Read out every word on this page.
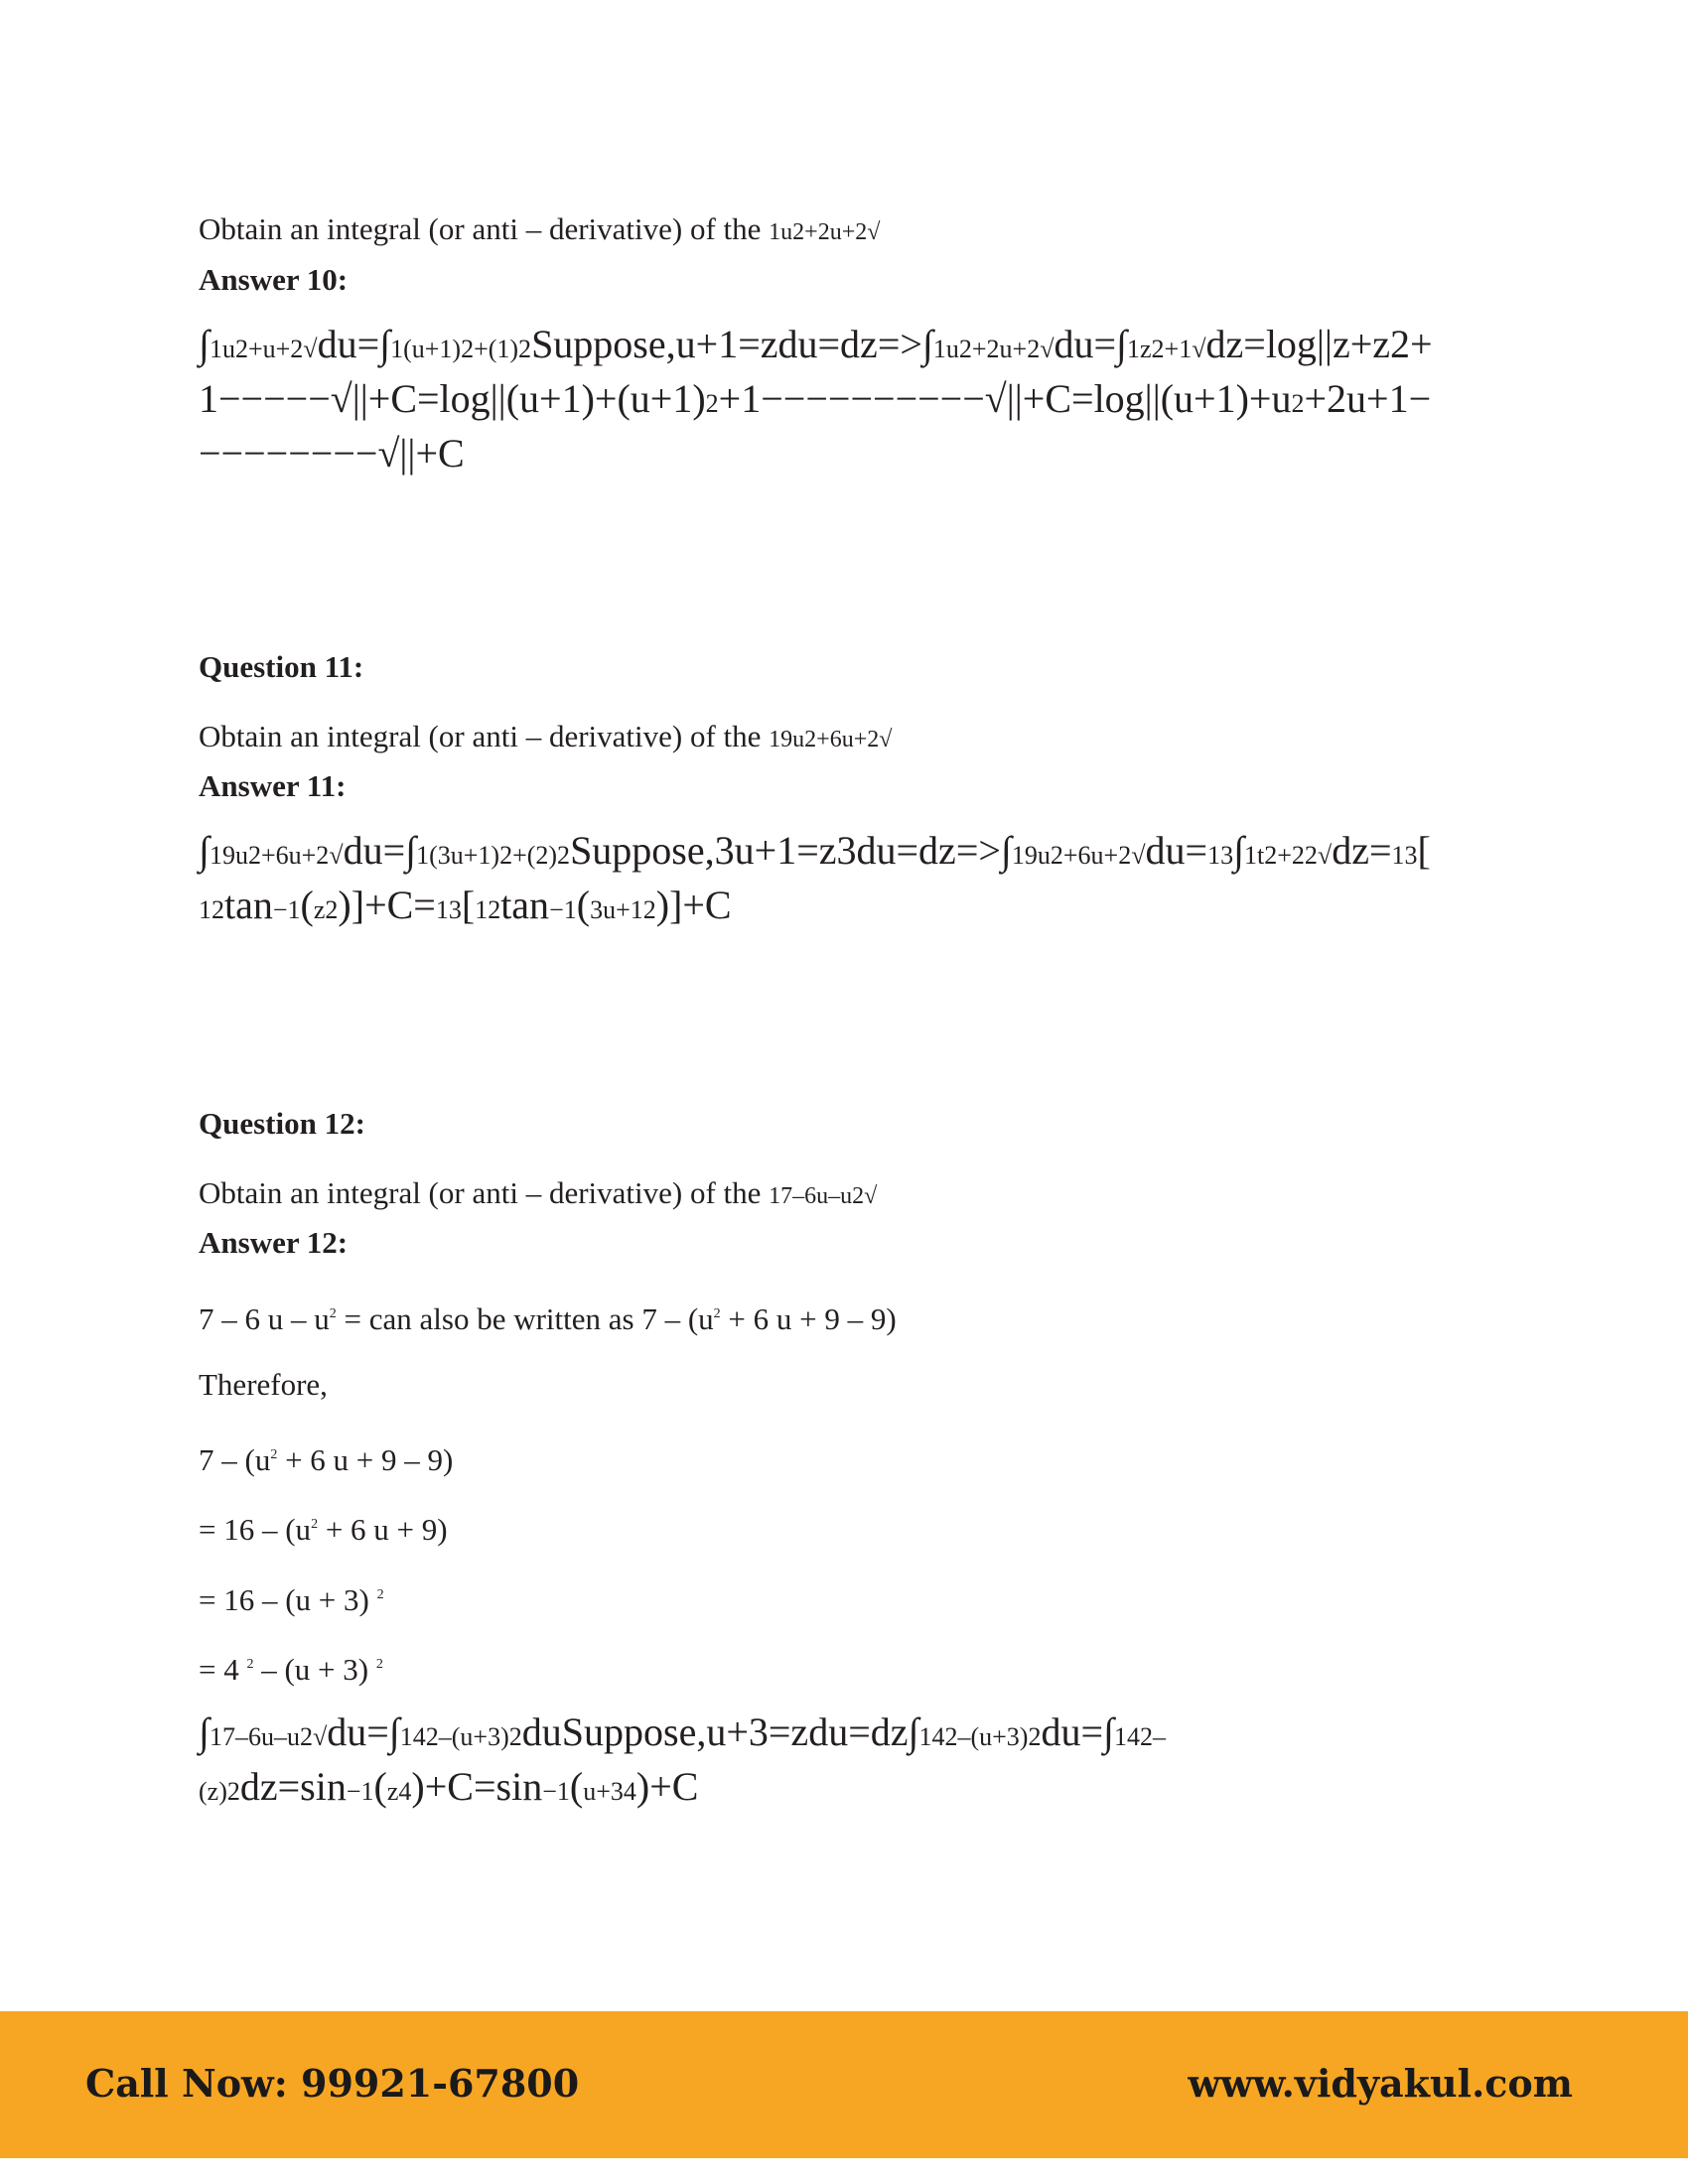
Obtain an integral (or anti – derivative) of the 1u2+2u+2√
Answer 10:

∫1u2+u+2√du=∫1(u+1)2+(1)2Suppose,u+1=zdu=dz=>∫1u2+2u+2√du=∫1z2+1√dz=log||z+z2+

1−−−−−√||+C=log||(u+1)+(u+1)2+1−−−−−−−−−−√||+C=log||(u+1)+u2+2u+1−

−−−−−−−−√||+C

Question 11:
Obtain an integral (or anti – derivative) of the 19u2+6u+2√
Answer 11:

∫19u2+6u+2√du=∫1(3u+1)2+(2)2Suppose,3u+1=z3du=dz=>∫19u2+6u+2√du=13∫1t2+22√dz=13[

12tan−1(z2)]+C=13[12tan−1(3u+12)]+C

Question 12:
Obtain an integral (or anti – derivative) of the 17–6u–u2√
Answer 12:
7 – 6 u – $u^2$ = can also be written as $7 - (u^2 + 6$ u + 9 – 9)
Therefore,
$7 - (u^2 + 6$ u + 9 – 9)
= $16 - (u^2 + 6$ u + 9)
= 16 – (u + 3) $^2$
= 4 $^2$ – (u + 3) $^2$

∫17–6u–u2√du=∫142–(u+3)2duSuppose,u+3=zdu=dz∫142–(u+3)2du=∫142–

(z)2dz=sin−1(z4)+C=sin−1(u+34)+C

Call Now: 99921-67800	www.vidyakul.com
